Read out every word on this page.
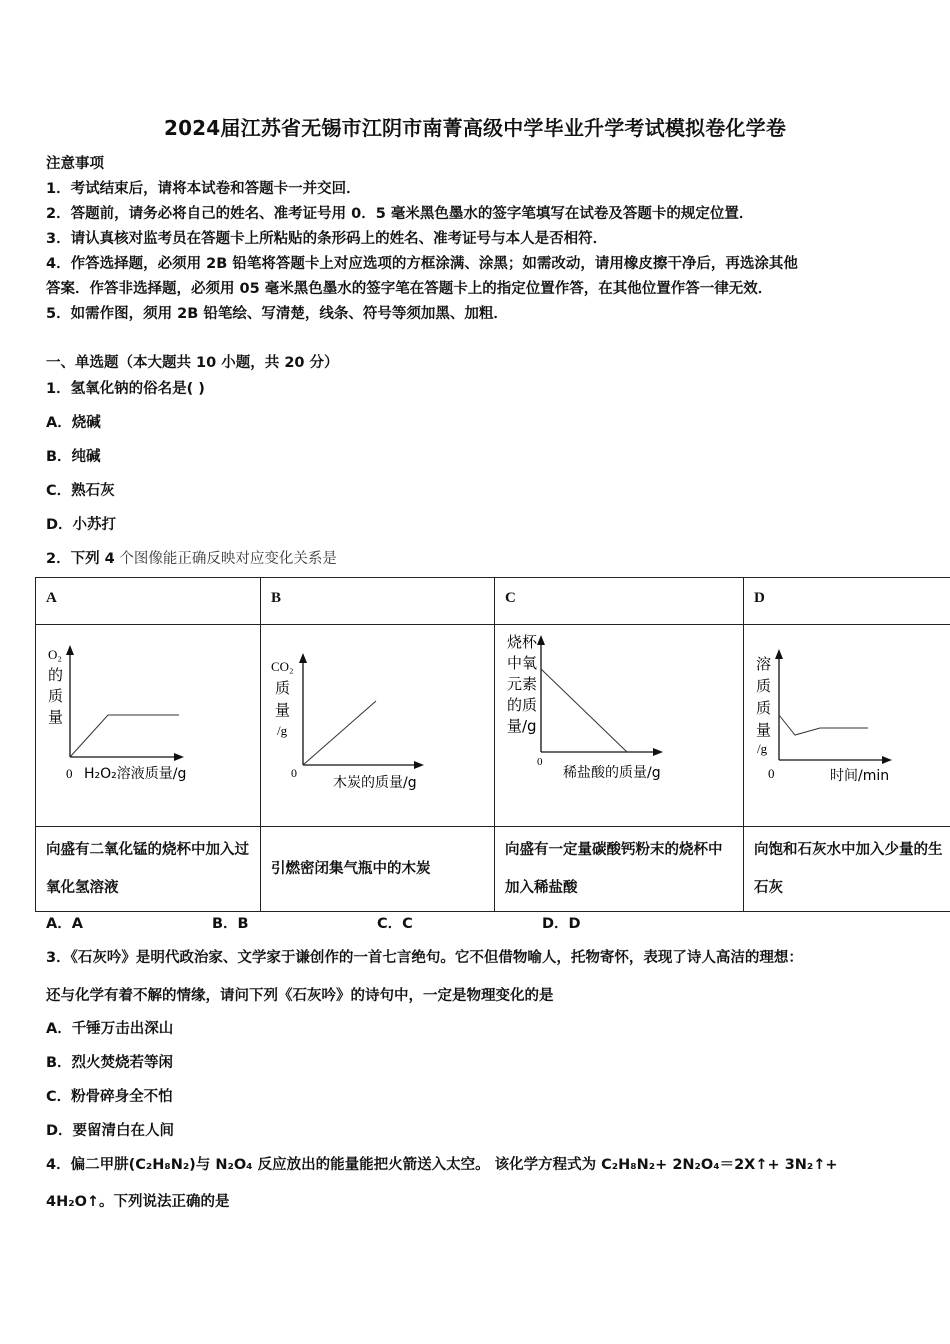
2024届江苏省无锡市江阴市南菁高级中学毕业升学考试模拟卷化学卷
注意事项
1．考试结束后，请将本试卷和答题卡一并交回．
2．答题前，请务必将自己的姓名、准考证号用 0．5 毫米黑色墨水的签字笔填写在试卷及答题卡的规定位置．
3．请认真核对监考员在答题卡上所粘贴的条形码上的姓名、准考证号与本人是否相符．
4．作答选择题，必须用 2B 铅笔将答题卡上对应选项的方框涂满、涂黑；如需改动，请用橡皮擦干净后，再选涂其他
答案．作答非选择题，必须用 05 毫米黑色墨水的签字笔在答题卡上的指定位置作答，在其他位置作答一律无效．
5．如需作图，须用 2B 铅笔绘、写清楚，线条、符号等须加黑、加粗．
一、单选题（本大题共 10 小题，共 20 分）
1．氢氧化钠的俗名是( )
A．烧碱
B．纯碱
C．熟石灰
D．小苏打
2．下列 4 个图像能正确反映对应变化关系是
A	B	C	D

O₂
的
质
量
0 H₂O₂溶液质量/g

CO₂
质
量
/g
0
木炭的质量/g

烧杯
中氧
元素
的质
量/g
0
稀盐酸的质量/g

溶
质
质
量
/g
0	时间/min

向盛有二氧化锰的烧杯中加入过氧化氢溶液	引燃密闭集气瓶中的木炭	向盛有一定量碳酸钙粉末的烧杯中加入稀盐酸	向饱和石灰水中加入少量的生石灰
A．A	B．B	C．C	D．D
3．《石灰吟》是明代政治家、文学家于谦创作的一首七言绝句。它不但借物喻人，托物寄怀，表现了诗人高洁的理想：
还与化学有着不解的情缘，请问下列《石灰吟》的诗句中，一定是物理变化的是
A．千锤万击出深山
B．烈火焚烧若等闲
C．粉骨碎身全不怕
D．要留清白在人间
4．偏二甲肼(C₂H₈N₂)与 N₂O₄ 反应放出的能量能把火箭送入太空。 该化学方程式为 C₂H₈N₂+ 2N₂O₄＝2X↑+ 3N₂↑+
4H₂O↑。下列说法正确的是
